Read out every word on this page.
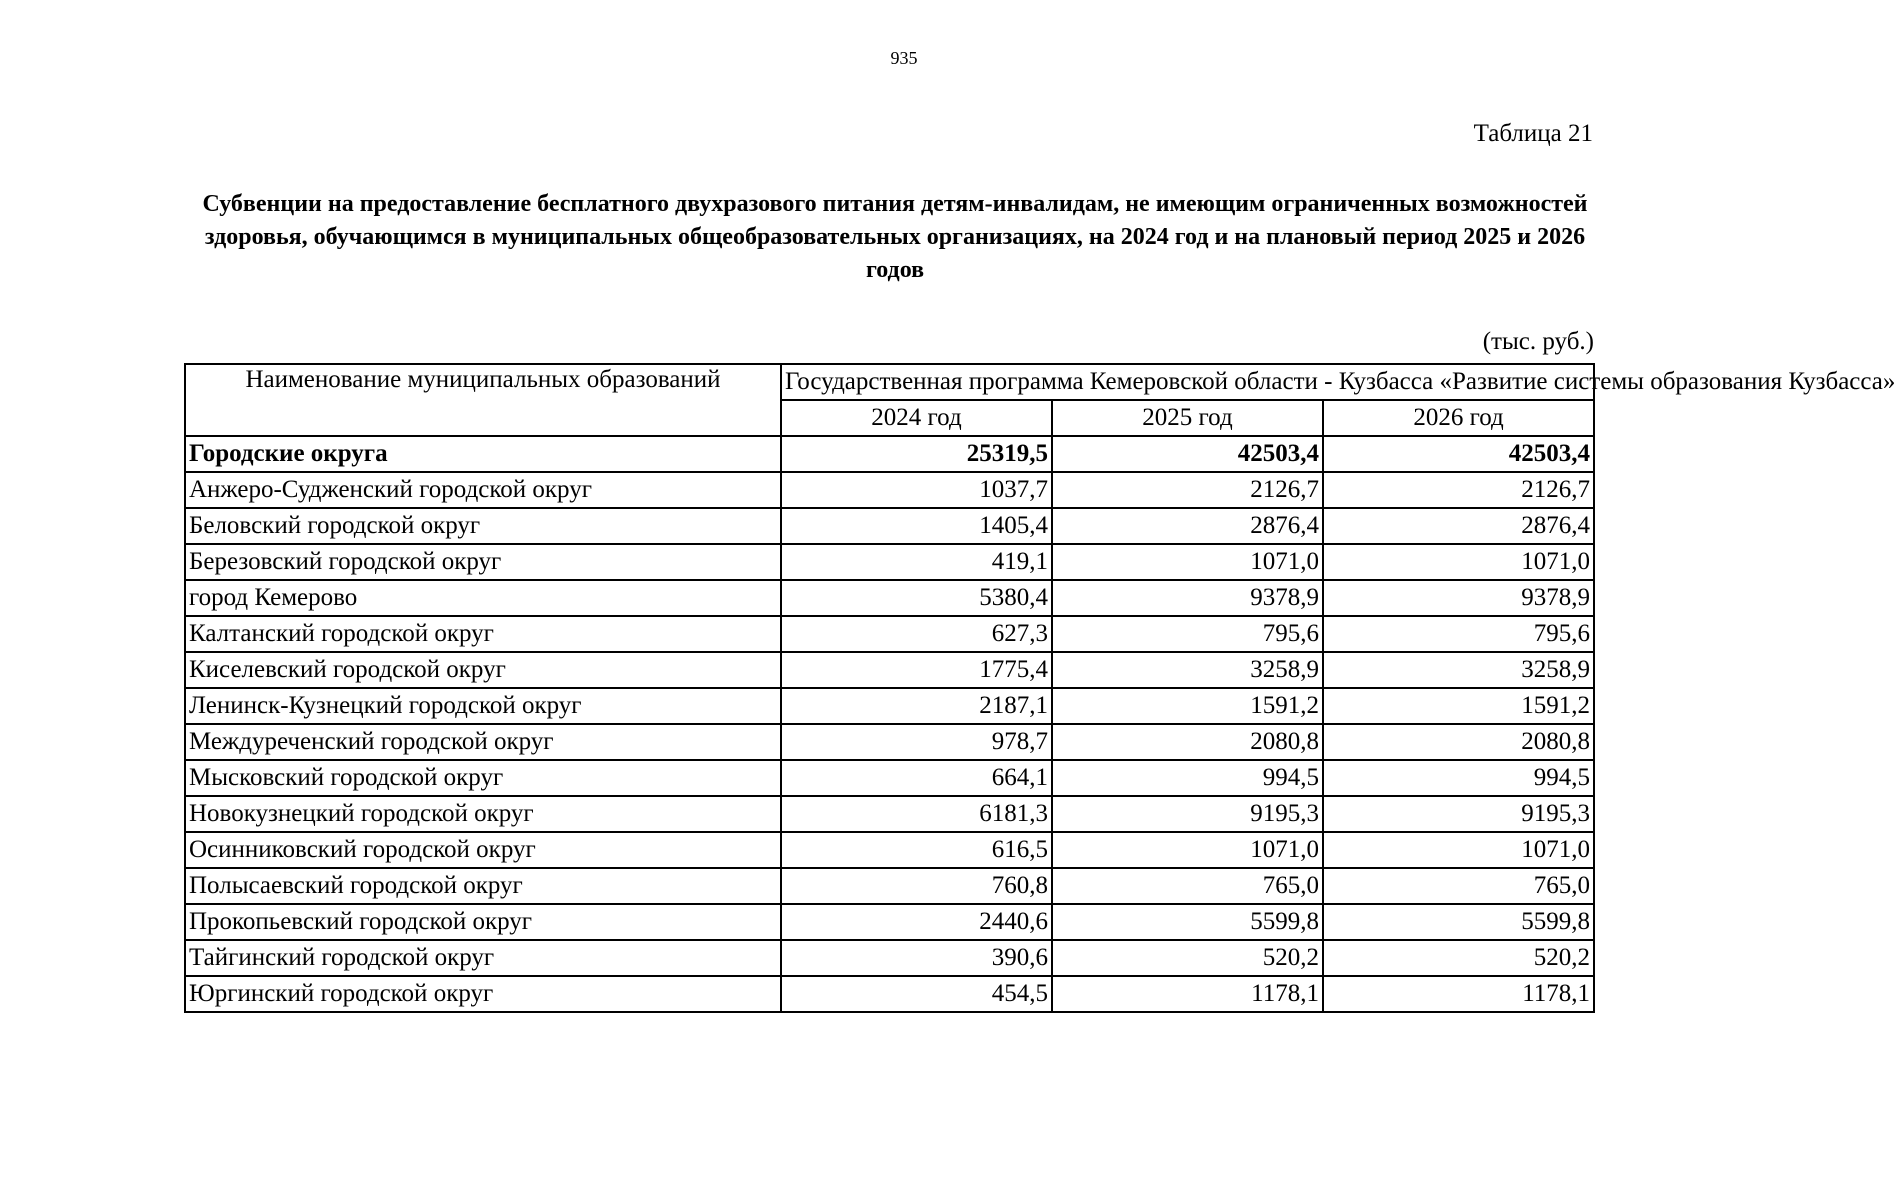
935
Таблица 21
Субвенции на предоставление бесплатного двухразового питания детям-инвалидам, не имеющим ограниченных возможностей здоровья, обучающимся в муниципальных общеобразовательных организациях, на 2024 год и на плановый период 2025 и 2026 годов
(тыс. руб.)
Наименование муниципальных образований	Государственная программа Кемеровской области - Кузбасса «Развитие системы образования Кузбасса»		
	2024 год	2025 год	2026 год
Городские округа	25319,5	42503,4	42503,4
Анжеро-Судженский городской округ	1037,7	2126,7	2126,7
Беловский городской округ	1405,4	2876,4	2876,4
Березовский городской округ	419,1	1071,0	1071,0
город Кемерово	5380,4	9378,9	9378,9
Калтанский городской округ	627,3	795,6	795,6
Киселевский городской округ	1775,4	3258,9	3258,9
Ленинск-Кузнецкий городской округ	2187,1	1591,2	1591,2
Междуреченский городской округ	978,7	2080,8	2080,8
Мысковский городской округ	664,1	994,5	994,5
Новокузнецкий городской округ	6181,3	9195,3	9195,3
Осинниковский городской округ	616,5	1071,0	1071,0
Полысаевский городской округ	760,8	765,0	765,0
Прокопьевский городской округ	2440,6	5599,8	5599,8
Тайгинский городской округ	390,6	520,2	520,2
Юргинский городской округ	454,5	1178,1	1178,1
